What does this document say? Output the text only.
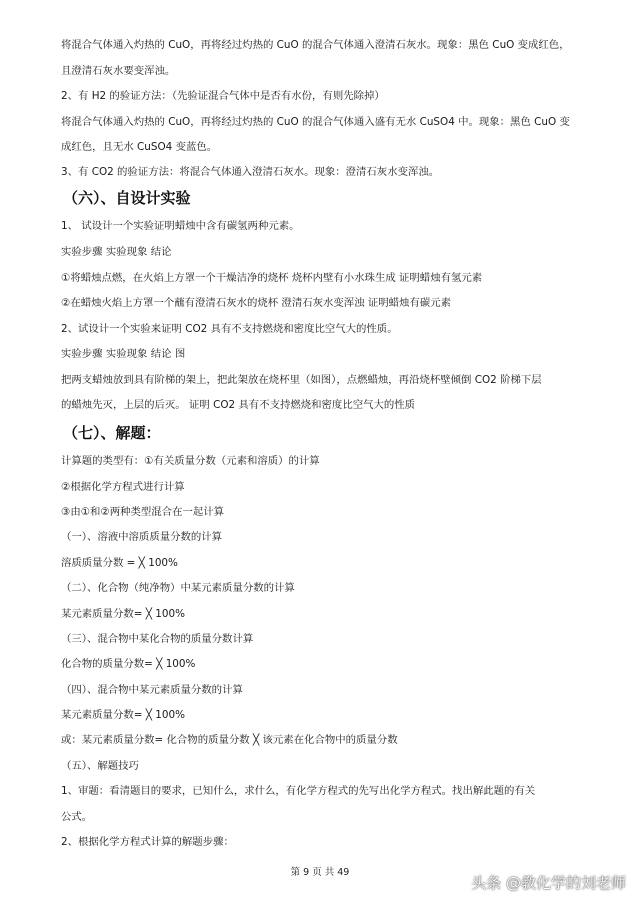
将混合气体通入灼热的 CuO，再将经过灼热的 CuO 的混合气体通入澄清石灰水。现象：黑色 CuO 变成红色，
且澄清石灰水要变浑浊。
2、有 H2 的验证方法：（先验证混合气体中是否有水份，有则先除掉）
将混合气体通入灼热的 CuO，再将经过灼热的 CuO 的混合气体通入盛有无水 CuSO4 中。现象：黑色 CuO 变
成红色，且无水 CuSO4 变蓝色。
3、有 CO2 的验证方法：将混合气体通入澄清石灰水。现象：澄清石灰水变浑浊。
（六）、自设计实验
1、 试设计一个实验证明蜡烛中含有碳氢两种元素。
实验步骤 实验现象 结论
①将蜡烛点燃，在火焰上方罩一个干燥洁净的烧杯 烧杯内壁有小水珠生成 证明蜡烛有氢元素
②在蜡烛火焰上方罩一个蘸有澄清石灰水的烧杯 澄清石灰水变浑浊 证明蜡烛有碳元素
2、试设计一个实验来证明 CO2 具有不支持燃烧和密度比空气大的性质。
实验步骤 实验现象 结论 图
把两支蜡烛放到具有阶梯的架上，把此架放在烧杯里（如图），点燃蜡烛，再沿烧杯壁倾倒 CO2 阶梯下层
的蜡烛先灭，上层的后灭。 证明 CO2 具有不支持燃烧和密度比空气大的性质
（七）、解题：
计算题的类型有：①有关质量分数（元素和溶质）的计算
②根据化学方程式进行计算
③由①和②两种类型混合在一起计算
（一）、溶液中溶质质量分数的计算
溶质质量分数 = ╳ 100%
（二）、化合物（纯净物）中某元素质量分数的计算
某元素质量分数= ╳ 100%
（三）、混合物中某化合物的质量分数计算
化合物的质量分数= ╳ 100%
（四）、混合物中某元素质量分数的计算
某元素质量分数= ╳ 100%
或：某元素质量分数= 化合物的质量分数 ╳ 该元素在化合物中的质量分数
（五）、解题技巧
1、审题：看清题目的要求，已知什么，求什么，有化学方程式的先写出化学方程式。找出解此题的有关
公式。
2、根据化学方程式计算的解题步骤：
第 9 页 共 49
头条 @教化学的刘老师
